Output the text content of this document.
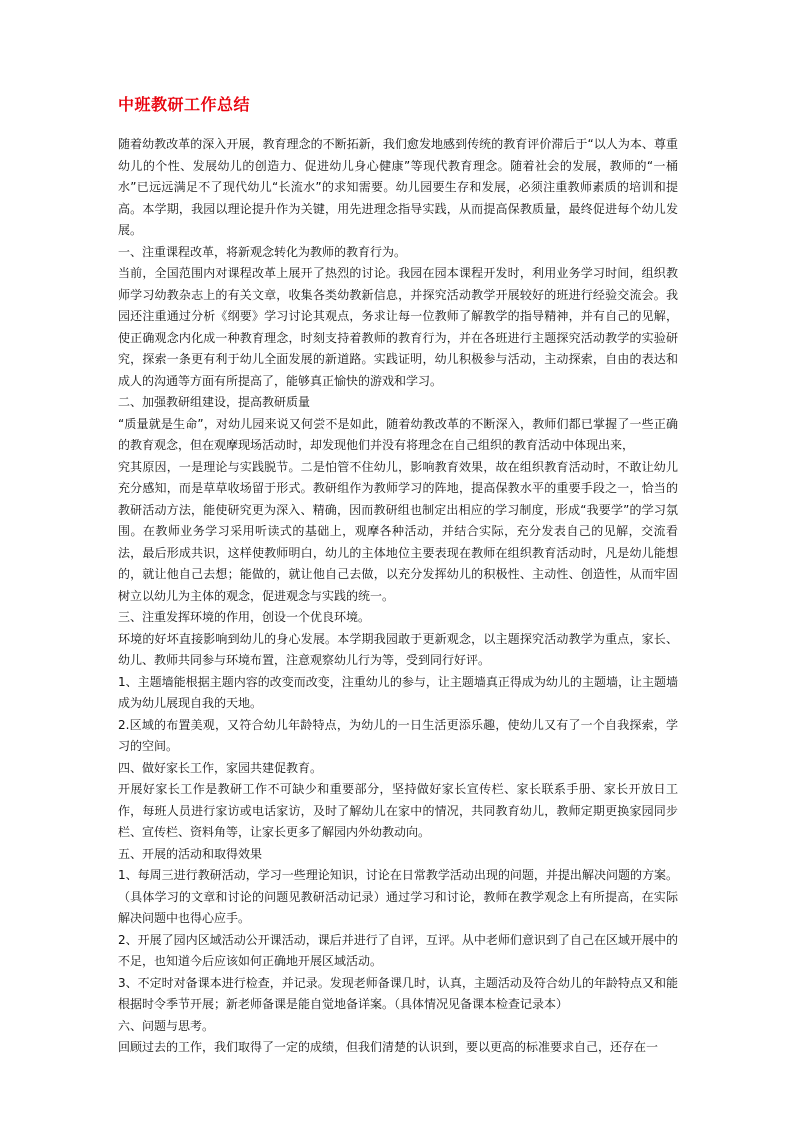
中班教研工作总结

随着幼教改革的深入开展，教育理念的不断拓新，我们愈发地感到传统的教育评价滞后于“以人为本、尊重幼儿的个性、发展幼儿的创造力、促进幼儿身心健康”等现代教育理念。随着社会的发展，教师的“一桶水”已远远满足不了现代幼儿“长流水”的求知需要。幼儿园要生存和发展，必须注重教师素质的培训和提高。本学期，我园以理论提升作为关键，用先进理念指导实践，从而提高保教质量，最终促进每个幼儿发展。

一、注重课程改革，将新观念转化为教师的教育行为。

当前，全国范围内对课程改革上展开了热烈的讨论。我园在园本课程开发时，利用业务学习时间，组织教师学习幼教杂志上的有关文章，收集各类幼教新信息，并探究活动教学开展较好的班进行经验交流会。我园还注重通过分析《纲要》学习讨论其观点，务求让每一位教师了解教学的指导精神，并有自己的见解，使正确观念内化成一种教育理念，时刻支持着教师的教育行为，并在各班进行主题探究活动教学的实验研究，探索一条更有利于幼儿全面发展的新道路。实践证明，幼儿积极参与活动，主动探索，自由的表达和成人的沟通等方面有所提高了，能够真正愉快的游戏和学习。

二、加强教研组建设，提高教研质量

“质量就是生命”，对幼儿园来说又何尝不是如此，随着幼教改革的不断深入，教师们都已掌握了一些正确的教育观念，但在观摩现场活动时，却发现他们并没有将理念在自己组织的教育活动中体现出来，

究其原因，一是理论与实践脱节。二是怕管不住幼儿，影响教育效果，故在组织教育活动时，不敢让幼儿充分感知，而是草草收场留于形式。教研组作为教师学习的阵地，提高保教水平的重要手段之一，恰当的教研活动方法，能使研究更为深入、精确，因而教研组也制定出相应的学习制度，形成“我要学”的学习氛围。在教师业务学习采用听读式的基础上，观摩各种活动，并结合实际，充分发表自己的见解，交流看法，最后形成共识，这样使教师明白，幼儿的主体地位主要表现在教师在组织教育活动时，凡是幼儿能想的，就让他自己去想；能做的，就让他自己去做，以充分发挥幼儿的积极性、主动性、创造性，从而牢固树立以幼儿为主体的观念，促进观念与实践的统一。

三、注重发挥环境的作用，创设一个优良环境。

环境的好坏直接影响到幼儿的身心发展。本学期我园敢于更新观念，以主题探究活动教学为重点，家长、幼儿、教师共同参与环境布置，注意观察幼儿行为等，受到同行好评。

1、主题墙能根据主题内容的改变而改变，注重幼儿的参与，让主题墙真正得成为幼儿的主题墙，让主题墙成为幼儿展现自我的天地。

2.区域的布置美观，又符合幼儿年龄特点，为幼儿的一日生活更添乐趣，使幼儿又有了一个自我探索，学习的空间。

四、做好家长工作，家园共建促教育。

开展好家长工作是教研工作不可缺少和重要部分，坚持做好家长宣传栏、家长联系手册、家长开放日工作，每班人员进行家访或电话家访，及时了解幼儿在家中的情况，共同教育幼儿，教师定期更换家园同步栏、宣传栏、资料角等，让家长更多了解园内外幼教动向。

五、开展的活动和取得效果

1、每周三进行教研活动，学习一些理论知识，讨论在日常教学活动出现的问题，并提出解决问题的方案。（具体学习的文章和讨论的问题见教研活动记录）通过学习和讨论，教师在教学观念上有所提高，在实际解决问题中也得心应手。

2、开展了园内区域活动公开课活动，课后并进行了自评，互评。从中老师们意识到了自己在区域开展中的不足，也知道今后应该如何正确地开展区域活动。

3、不定时对备课本进行检查，并记录。发现老师备课几时，认真，主题活动及符合幼儿的年龄特点又和能根据时令季节开展；新老师备课是能自觉地备详案。（具体情况见备课本检查记录本）

六、问题与思考。

回顾过去的工作，我们取得了一定的成绩，但我们清楚的认识到，要以更高的标准要求自己，还存在一
